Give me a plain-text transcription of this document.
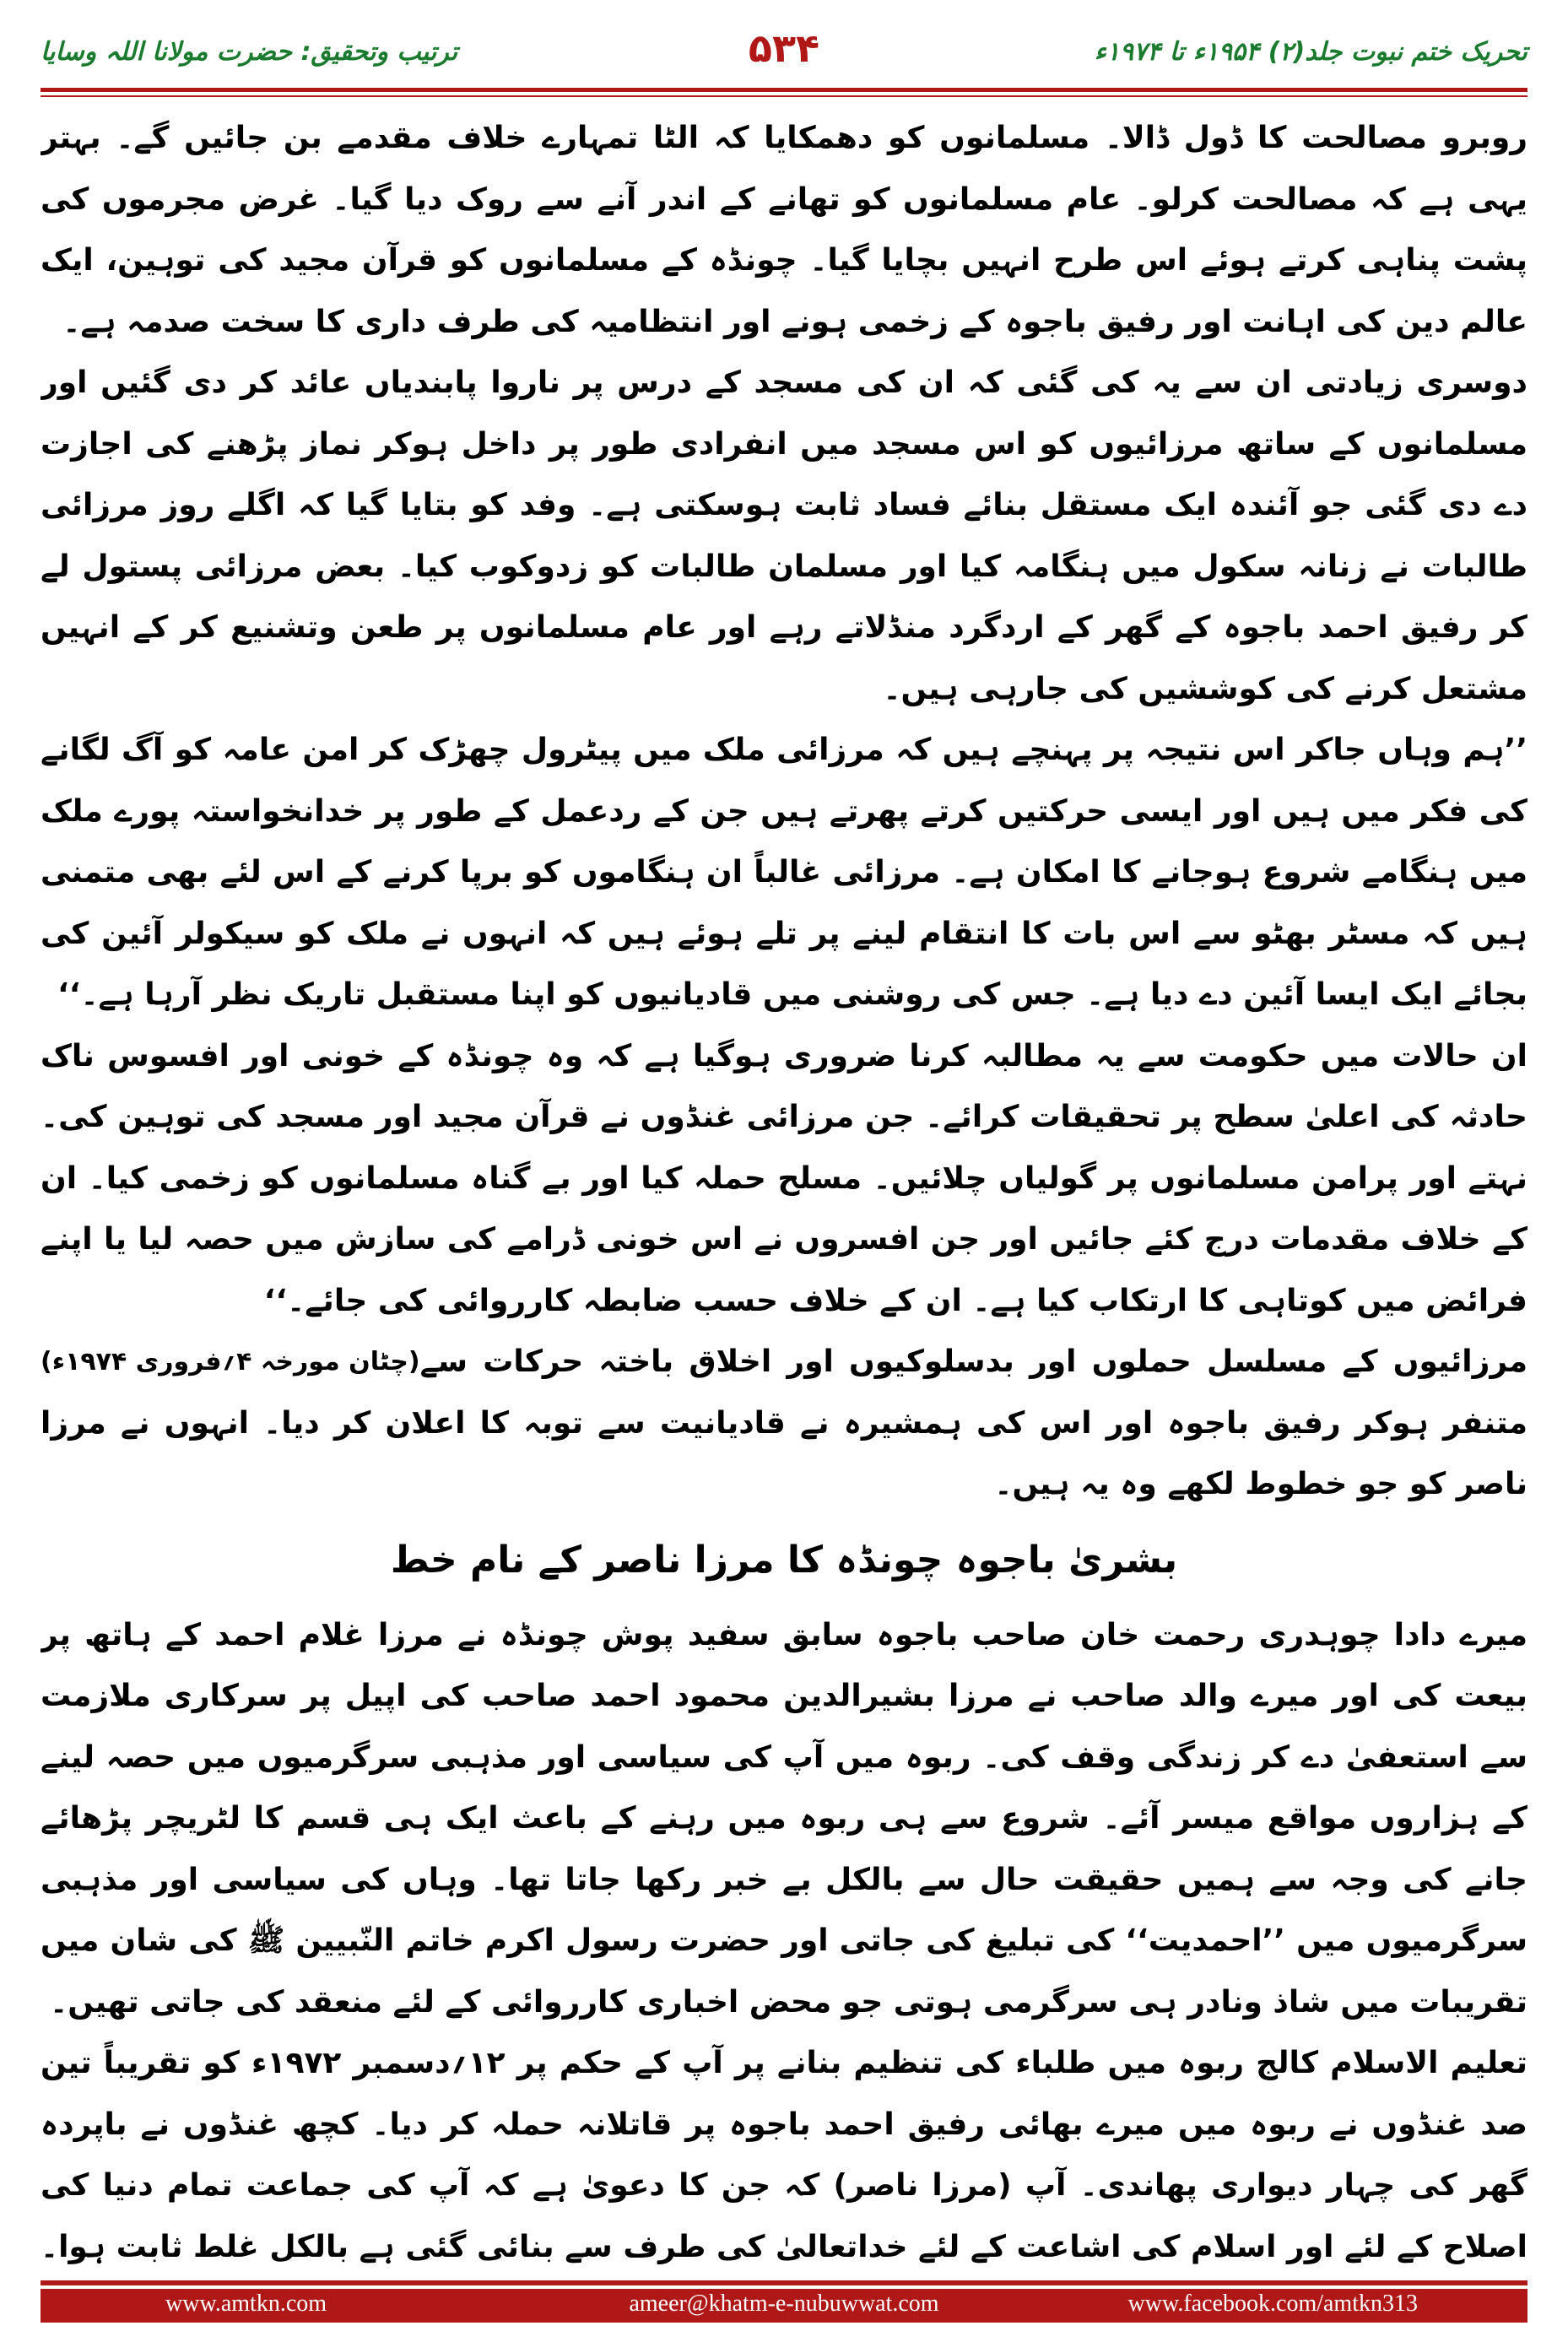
تحریک ختم نبوت جلد(۲) ۱۹۵۴ء تا ۱۹۷۴ء
۵۳۴
ترتیب وتحقیق: حضرت مولانا اللہ وسایا

روبرو مصالحت کا ڈول ڈالا۔ مسلمانوں کو دھمکایا کہ الٹا تمہارے خلاف مقدمے بن جائیں گے۔ بہتر یہی ہے کہ مصالحت کرلو۔ عام مسلمانوں کو تھانے کے اندر آنے سے روک دیا گیا۔ غرض مجرموں کی پشت پناہی کرتے ہوئے اس طرح انہیں بچایا گیا۔ چونڈہ کے مسلمانوں کو قرآن مجید کی توہین، ایک عالم دین کی اہانت اور رفیق باجوہ کے زخمی ہونے اور انتظامیہ کی طرف داری کا سخت صدمہ ہے۔

دوسری زیادتی ان سے یہ کی گئی کہ ان کی مسجد کے درس پر ناروا پابندیاں عائد کر دی گئیں اور مسلمانوں کے ساتھ مرزائیوں کو اس مسجد میں انفرادی طور پر داخل ہوکر نماز پڑھنے کی اجازت دے دی گئی جو آئندہ ایک مستقل بنائے فساد ثابت ہوسکتی ہے۔ وفد کو بتایا گیا کہ اگلے روز مرزائی طالبات نے زنانہ سکول میں ہنگامہ کیا اور مسلمان طالبات کو زدوکوب کیا۔ بعض مرزائی پستول لے کر رفیق احمد باجوہ کے گھر کے اردگرد منڈلاتے رہے اور عام مسلمانوں پر طعن وتشنیع کر کے انہیں مشتعل کرنے کی کوششیں کی جارہی ہیں۔

’’ہم وہاں جاکر اس نتیجہ پر پہنچے ہیں کہ مرزائی ملک میں پیٹرول چھڑک کر امن عامہ کو آگ لگانے کی فکر میں ہیں اور ایسی حرکتیں کرتے پھرتے ہیں جن کے ردعمل کے طور پر خدانخواستہ پورے ملک میں ہنگامے شروع ہوجانے کا امکان ہے۔ مرزائی غالباً ان ہنگاموں کو برپا کرنے کے اس لئے بھی متمنی ہیں کہ مسٹر بھٹو سے اس بات کا انتقام لینے پر تلے ہوئے ہیں کہ انہوں نے ملک کو سیکولر آئین کی بجائے ایک ایسا آئین دے دیا ہے۔ جس کی روشنی میں قادیانیوں کو اپنا مستقبل تاریک نظر آرہا ہے۔‘‘

ان حالات میں حکومت سے یہ مطالبہ کرنا ضروری ہوگیا ہے کہ وہ چونڈہ کے خونی اور افسوس ناک حادثہ کی اعلیٰ سطح پر تحقیقات کرائے۔ جن مرزائی غنڈوں نے قرآن مجید اور مسجد کی توہین کی۔ نہتے اور پرامن مسلمانوں پر گولیاں چلائیں۔ مسلح حملہ کیا اور بے گناہ مسلمانوں کو زخمی کیا۔ ان کے خلاف مقدمات درج کئے جائیں اور جن افسروں نے اس خونی ڈرامے کی سازش میں حصہ لیا یا اپنے فرائض میں کوتاہی کا ارتکاب کیا ہے۔ ان کے خلاف حسب ضابطہ کارروائی کی جائے۔‘‘
(چٹان مورخہ ۴؍فروری ۱۹۷۴ء) مرزائیوں کے مسلسل حملوں اور بدسلوکیوں اور اخلاق باختہ حرکات سے متنفر ہوکر رفیق باجوہ اور اس کی ہمشیرہ نے قادیانیت سے توبہ کا اعلان کر دیا۔ انہوں نے مرزا ناصر کو جو خطوط لکھے وہ یہ ہیں۔

بشریٰ باجوہ چونڈہ کا مرزا ناصر کے نام خط

میرے دادا چوہدری رحمت خان صاحب باجوہ سابق سفید پوش چونڈہ نے مرزا غلام احمد کے ہاتھ پر بیعت کی اور میرے والد صاحب نے مرزا بشیرالدین محمود احمد صاحب کی اپیل پر سرکاری ملازمت سے استعفیٰ دے کر زندگی وقف کی۔ ربوہ میں آپ کی سیاسی اور مذہبی سرگرمیوں میں حصہ لینے کے ہزاروں مواقع میسر آئے۔ شروع سے ہی ربوہ میں رہنے کے باعث ایک ہی قسم کا لٹریچر پڑھائے جانے کی وجہ سے ہمیں حقیقت حال سے بالکل بے خبر رکھا جاتا تھا۔ وہاں کی سیاسی اور مذہبی سرگرمیوں میں ’’احمدیت‘‘ کی تبلیغ کی جاتی اور حضرت رسول اکرم خاتم النّبیین ﷺ کی شان میں تقریبات میں شاذ ونادر ہی سرگرمی ہوتی جو محض اخباری کارروائی کے لئے منعقد کی جاتی تھیں۔

تعلیم الاسلام کالج ربوہ میں طلباء کی تنظیم بنانے پر آپ کے حکم پر ۱۲؍دسمبر ۱۹۷۲ء کو تقریباً تین صد غنڈوں نے ربوہ میں میرے بھائی رفیق احمد باجوہ پر قاتلانہ حملہ کر دیا۔ کچھ غنڈوں نے باپردہ گھر کی چہار دیواری پھاندی۔ آپ (مرزا ناصر) کہ جن کا دعویٰ ہے کہ آپ کی جماعت تمام دنیا کی اصلاح کے لئے اور اسلام کی اشاعت کے لئے خداتعالیٰ کی طرف سے بنائی گئی ہے بالکل غلط ثابت ہوا۔

www.amtkn.com	ameer@khatm-e-nubuwwat.com	www.facebook.com/amtkn313
